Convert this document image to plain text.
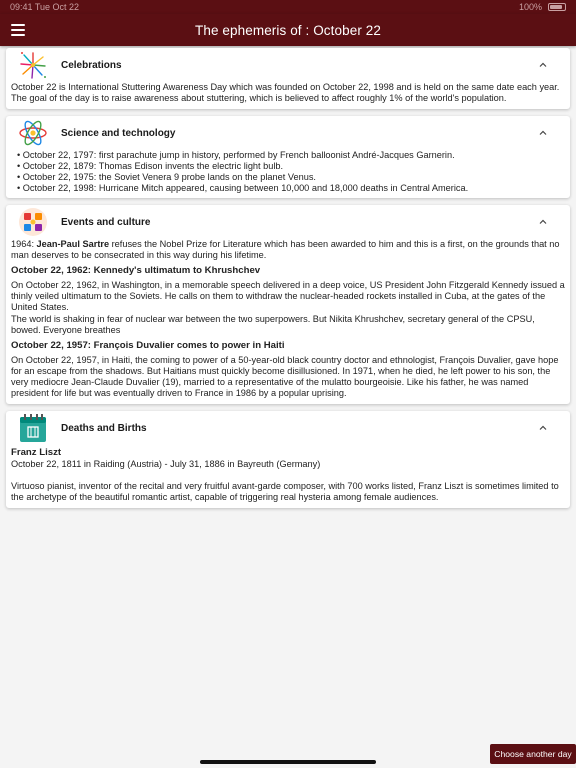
09:41 Tue Oct 22	100%
The ephemeris of : October 22
Celebrations

October 22 is International Stuttering Awareness Day which was founded on October 22, 1998 and is held on the same date each year. The goal of the day is to raise awareness about stuttering, which is believed to affect roughly 1% of the world's population.

Science and technology
• October 22, 1797: first parachute jump in history, performed by French balloonist André-Jacques Garnerin.
• October 22, 1879: Thomas Edison invents the electric light bulb.
• October 22, 1975: the Soviet Venera 9 probe lands on the planet Venus.
• October 22, 1998: Hurricane Mitch appeared, causing between 10,000 and 18,000 deaths in Central America.
Events and culture

1964: Jean-Paul Sartre refuses the Nobel Prize for Literature which has been awarded to him and this is a first, on the grounds that no man deserves to be consecrated in this way during his lifetime.

October 22, 1962: Kennedy's ultimatum to Khrushchev

On October 22, 1962, in Washington, in a memorable speech delivered in a deep voice, US President John Fitzgerald Kennedy issued a thinly veiled ultimatum to the Soviets. He calls on them to withdraw the nuclear-headed rockets installed in Cuba, at the gates of the United States.

The world is shaking in fear of nuclear war between the two superpowers. But Nikita Khrushchev, secretary general of the CPSU, bowed. Everyone breathes

October 22, 1957: François Duvalier comes to power in Haiti

On October 22, 1957, in Haiti, the coming to power of a 50-year-old black country doctor and ethnologist, François Duvalier, gave hope for an escape from the shadows. But Haitians must quickly become disillusioned. In 1971, when he died, he left power to his son, the very mediocre Jean-Claude Duvalier (19), married to a representative of the mulatto bourgeoisie. Like his father, he was named president for life but was eventually driven to France in 1986 by a popular uprising.

Deaths and Births
Franz Liszt

October 22, 1811 in Raiding (Austria) - July 31, 1886 in Bayreuth (Germany)

Virtuoso pianist, inventor of the recital and very fruitful avant-garde composer, with 700 works listed, Franz Liszt is sometimes limited to the archetype of the beautiful romantic artist, capable of triggering real hysteria among female audiences.

Choose another day
